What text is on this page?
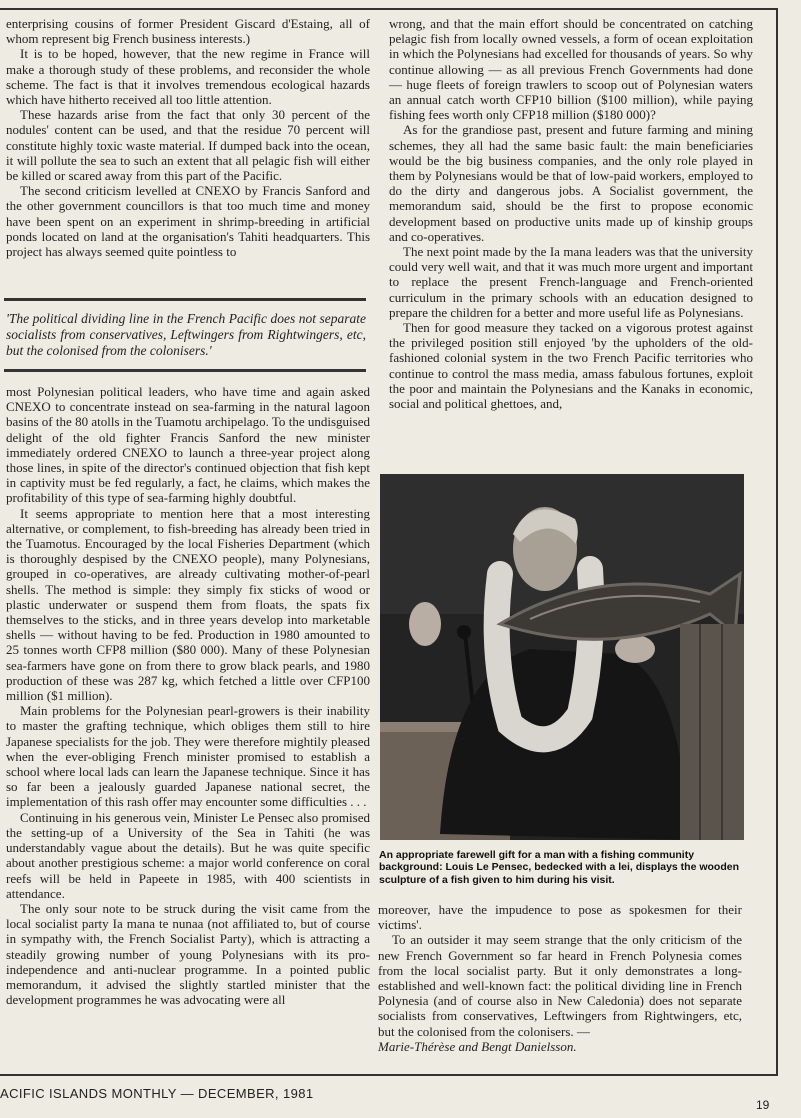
enterprising cousins of former President Giscard d'Estaing, all of whom represent big French business interests.)

It is to be hoped, however, that the new regime in France will make a thorough study of these problems, and reconsider the whole scheme. The fact is that it involves tremendous ecological hazards which have hitherto received all too little attention.

These hazards arise from the fact that only 30 percent of the nodules' content can be used, and that the residue 70 percent will constitute highly toxic waste material. If dumped back into the ocean, it will pollute the sea to such an extent that all pelagic fish will either be killed or scared away from this part of the Pacific.

The second criticism levelled at CNEXO by Francis Sanford and the other government councillors is that too much time and money have been spent on an experiment in shrimp-breeding in artificial ponds located on land at the organisation's Tahiti headquarters. This project has always seemed quite pointless to

'The political dividing line in the French Pacific does not separate socialists from conservatives, Leftwingers from Rightwingers, etc, but the colonised from the colonisers.'

most Polynesian political leaders, who have time and again asked CNEXO to concentrate instead on sea-farming in the natural lagoon basins of the 80 atolls in the Tuamotu archipelago. To the undisguised delight of the old fighter Francis Sanford the new minister immediately ordered CNEXO to launch a three-year project along those lines, in spite of the director's continued objection that fish kept in captivity must be fed regularly, a fact, he claims, which makes the profitability of this type of sea-farming highly doubtful.

It seems appropriate to mention here that a most interesting alternative, or complement, to fish-breeding has already been tried in the Tuamotus. Encouraged by the local Fisheries Department (which is thoroughly despised by the CNEXO people), many Polynesians, grouped in co-operatives, are already cultivating mother-of-pearl shells. The method is simple: they simply fix sticks of wood or plastic underwater or suspend them from floats, the spats fix themselves to the sticks, and in three years develop into marketable shells — without having to be fed. Production in 1980 amounted to 25 tonnes worth CFP8 million ($80 000). Many of these Polynesian sea-farmers have gone on from there to grow black pearls, and 1980 production of these was 287 kg, which fetched a little over CFP100 million ($1 million).

Main problems for the Polynesian pearl-growers is their inability to master the grafting technique, which obliges them still to hire Japanese specialists for the job. They were therefore mightily pleased when the ever-obliging French minister promised to establish a school where local lads can learn the Japanese technique. Since it has so far been a jealously guarded Japanese national secret, the implementation of this rash offer may encounter some difficulties . . .

Continuing in his generous vein, Minister Le Pensec also promised the setting-up of a University of the Sea in Tahiti (he was understandably vague about the details). But he was quite specific about another prestigious scheme: a major world conference on coral reefs will be held in Papeete in 1985, with 400 scientists in attendance.

The only sour note to be struck during the visit came from the local socialist party Ia mana te nunaa (not affiliated to, but of course in sympathy with, the French Socialist Party), which is attracting a steadily growing number of young Polynesians with its pro-independence and anti-nuclear programme. In a pointed public memorandum, it advised the slightly startled minister that the development programmes he was advocating were all

wrong, and that the main effort should be concentrated on catching pelagic fish from locally owned vessels, a form of ocean exploitation in which the Polynesians had excelled for thousands of years. So why continue allowing — as all previous French Governments had done — huge fleets of foreign trawlers to scoop out of Polynesian waters an annual catch worth CFP10 billion ($100 million), while paying fishing fees worth only CFP18 million ($180 000)?

As for the grandiose past, present and future farming and mining schemes, they all had the same basic fault: the main beneficiaries would be the big business companies, and the only role played in them by Polynesians would be that of low-paid workers, employed to do the dirty and dangerous jobs. A Socialist government, the memorandum said, should be the first to propose economic development based on productive units made up of kinship groups and co-operatives.

The next point made by the Ia mana leaders was that the university could very well wait, and that it was much more urgent and important to replace the present French-language and French-oriented curriculum in the primary schools with an education designed to prepare the children for a better and more useful life as Polynesians.

Then for good measure they tacked on a vigorous protest against the privileged position still enjoyed 'by the upholders of the old-fashioned colonial system in the two French Pacific territories who continue to control the mass media, amass fabulous fortunes, exploit the poor and maintain the Polynesians and the Kanaks in economic, social and political ghettoes, and,

An appropriate farewell gift for a man with a fishing community background: Louis Le Pensec, bedecked with a lei, displays the wooden sculpture of a fish given to him during his visit.

moreover, have the impudence to pose as spokesmen for their victims'.

To an outsider it may seem strange that the only criticism of the new French Government so far heard in French Polynesia comes from the local socialist party. But it only demonstrates a long-established and well-known fact: the political dividing line in French Polynesia (and of course also in New Caledonia) does not separate socialists from conservatives, Leftwingers from Rightwingers, etc, but the colonised from the colonisers. —

Marie-Thérèse and Bengt Danielsson.

ACIFIC ISLANDS MONTHLY — DECEMBER, 1981
19
